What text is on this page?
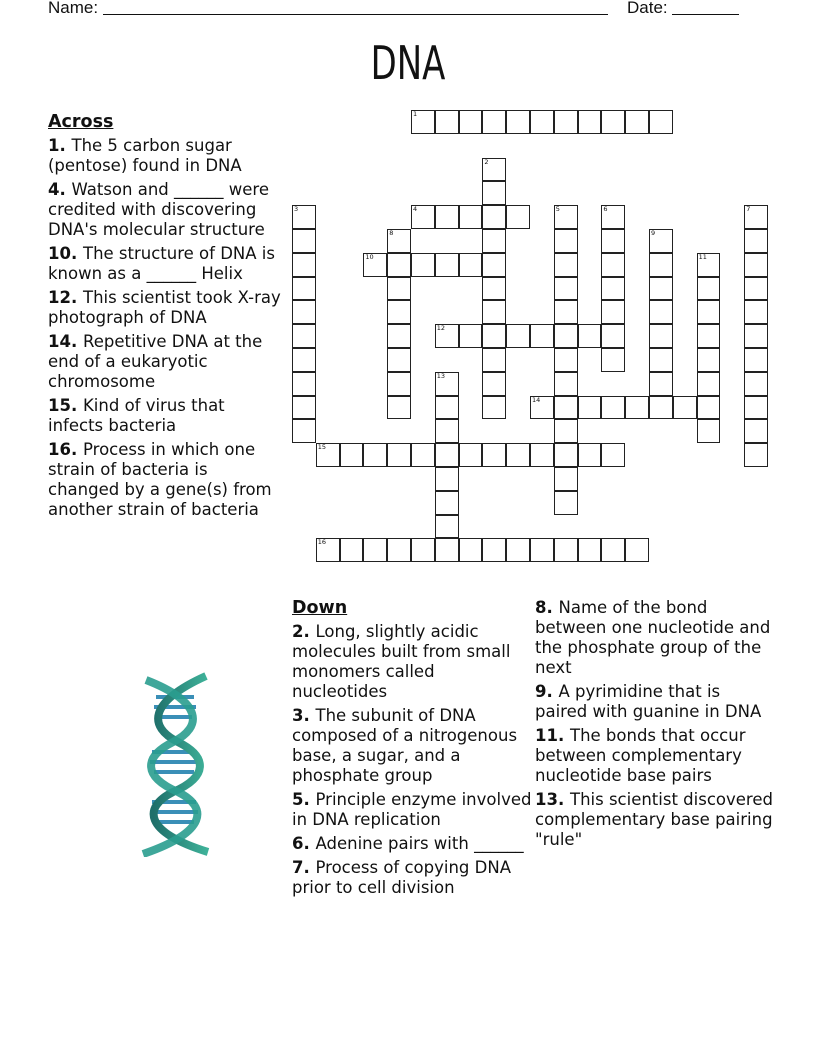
Name:	Date:
DNA
1
2
3	4	5	6	7
8	9
10	11
12
13
14
15
16
Across
1. The 5 carbon sugar (pentose) found in DNA
4. Watson and ______ were credited with discovering DNA's molecular structure
10. The structure of DNA is known as a ______ Helix
12. This scientist took X-ray photograph of DNA
14. Repetitive DNA at the end of a eukaryotic chromosome
15. Kind of virus that infects bacteria
16. Process in which one strain of bacteria is changed by a gene(s) from another strain of bacteria
Down
2. Long, slightly acidic molecules built from small monomers called nucleotides
3. The subunit of DNA composed of a nitrogenous base, a sugar, and a phosphate group
5. Principle enzyme involved in DNA replication
6. Adenine pairs with ______
7. Process of copying DNA prior to cell division
8. Name of the bond between one nucleotide and the phosphate group of the next
9. A pyrimidine that is paired with guanine in DNA
11. The bonds that occur between complementary nucleotide base pairs
13. This scientist discovered complementary base pairing "rule"
